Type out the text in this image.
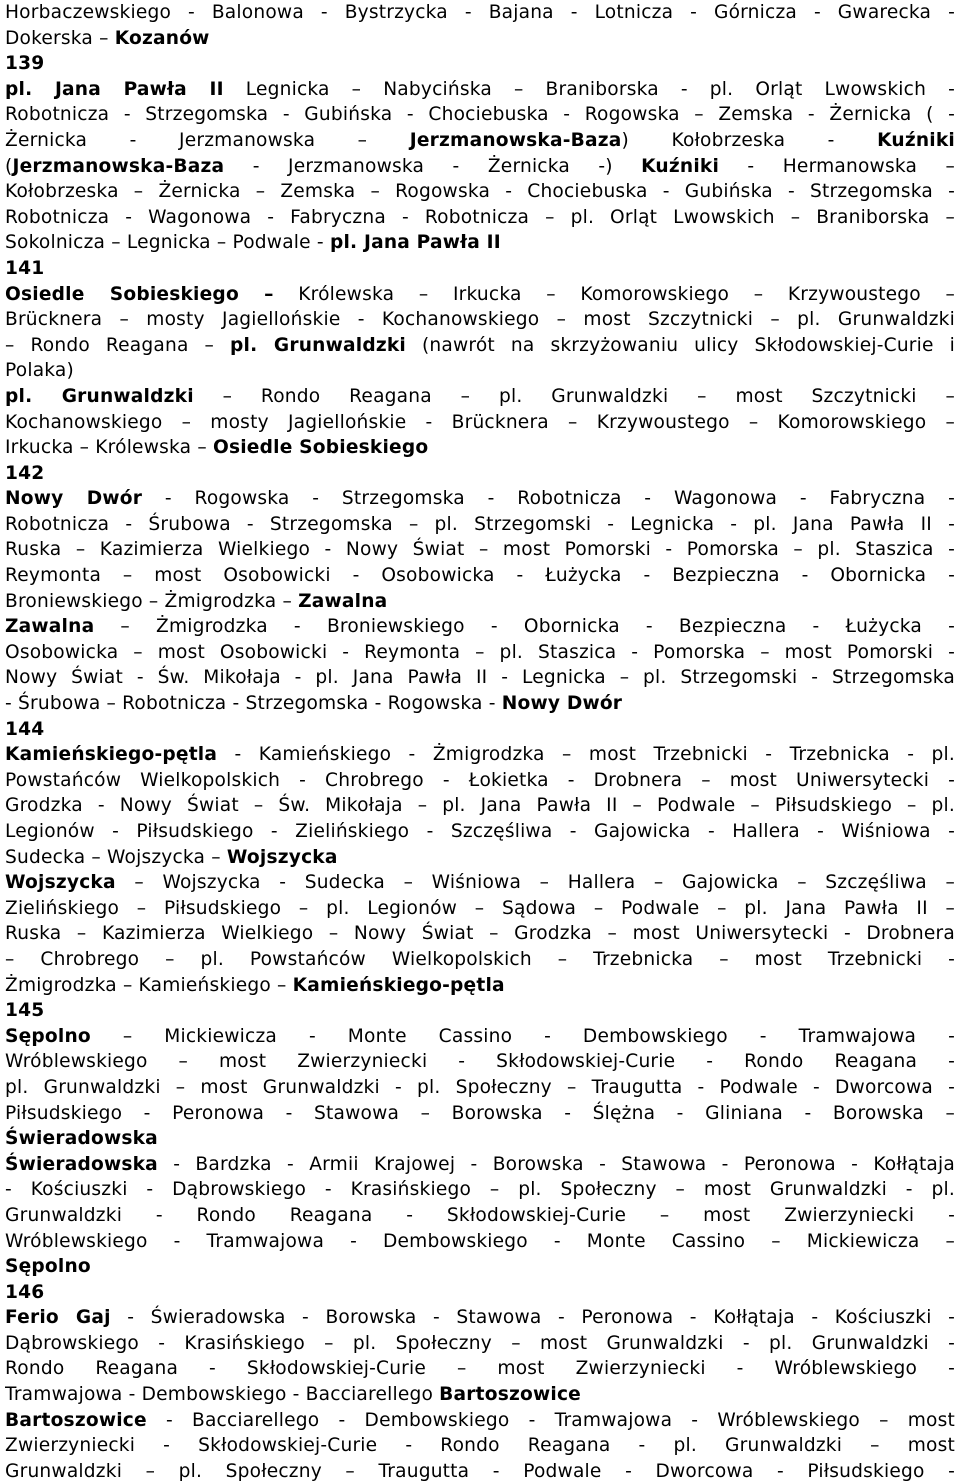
Horbaczewskiego - Balonowa - Bystrzycka - Bajana - Lotnicza - Górnicza - Gwarecka -
Dokerska – Kozanów
139
pl. Jana Pawła II Legnicka – Nabycińska – Braniborska - pl. Orląt Lwowskich -
Robotnicza - Strzegomska - Gubińska - Chociebuska - Rogowska – Zemska - Żernicka ( -
Żernicka - Jerzmanowska – Jerzmanowska-Baza) Kołobrzeska - Kuźniki
(Jerzmanowska-Baza - Jerzmanowska - Żernicka -) Kuźniki - Hermanowska –
Kołobrzeska – Żernicka – Zemska – Rogowska - Chociebuska - Gubińska - Strzegomska -
Robotnicza - Wagonowa - Fabryczna - Robotnicza – pl. Orląt Lwowskich – Braniborska –
Sokolnicza – Legnicka – Podwale - pl. Jana Pawła II
141
Osiedle Sobieskiego – Królewska – Irkucka – Komorowskiego – Krzywoustego –
Brücknera – mosty Jagiellońskie - Kochanowskiego – most Szczytnicki – pl. Grunwaldzki
– Rondo Reagana – pl. Grunwaldzki (nawrót na skrzyżowaniu ulicy Skłodowskiej-Curie i
Polaka)
pl. Grunwaldzki – Rondo Reagana – pl. Grunwaldzki – most Szczytnicki –
Kochanowskiego – mosty Jagiellońskie - Brücknera – Krzywoustego – Komorowskiego –
Irkucka – Królewska – Osiedle Sobieskiego
142
Nowy Dwór - Rogowska - Strzegomska - Robotnicza - Wagonowa - Fabryczna -
Robotnicza - Śrubowa - Strzegomska – pl. Strzegomski - Legnicka - pl. Jana Pawła II -
Ruska – Kazimierza Wielkiego - Nowy Świat – most Pomorski - Pomorska – pl. Staszica -
Reymonta – most Osobowicki - Osobowicka - Łużycka - Bezpieczna - Obornicka -
Broniewskiego – Żmigrodzka – Zawalna
Zawalna – Żmigrodzka - Broniewskiego - Obornicka - Bezpieczna - Łużycka -
Osobowicka – most Osobowicki - Reymonta – pl. Staszica - Pomorska – most Pomorski -
Nowy Świat - Św. Mikołaja - pl. Jana Pawła II - Legnicka – pl. Strzegomski - Strzegomska
- Śrubowa – Robotnicza - Strzegomska - Rogowska - Nowy Dwór
144
Kamieńskiego-pętla - Kamieńskiego - Żmigrodzka – most Trzebnicki - Trzebnicka - pl.
Powstańców Wielkopolskich - Chrobrego - Łokietka - Drobnera – most Uniwersytecki -
Grodzka - Nowy Świat – Św. Mikołaja – pl. Jana Pawła II – Podwale – Piłsudskiego – pl.
Legionów - Piłsudskiego - Zielińskiego - Szczęśliwa - Gajowicka - Hallera - Wiśniowa -
Sudecka – Wojszycka – Wojszycka
Wojszycka – Wojszycka - Sudecka – Wiśniowa – Hallera – Gajowicka – Szczęśliwa –
Zielińskiego – Piłsudskiego – pl. Legionów – Sądowa – Podwale – pl. Jana Pawła II –
Ruska – Kazimierza Wielkiego – Nowy Świat – Grodzka – most Uniwersytecki - Drobnera
– Chrobrego – pl. Powstańców Wielkopolskich – Trzebnicka – most Trzebnicki -
Żmigrodzka – Kamieńskiego – Kamieńskiego-pętla
145
Sępolno – Mickiewicza - Monte Cassino - Dembowskiego - Tramwajowa -
Wróblewskiego – most Zwierzyniecki - Skłodowskiej-Curie - Rondo Reagana -
pl. Grunwaldzki – most Grunwaldzki - pl. Społeczny – Traugutta - Podwale - Dworcowa -
Piłsudskiego - Peronowa - Stawowa – Borowska - Ślężna - Gliniana - Borowska –
Świeradowska
Świeradowska - Bardzka - Armii Krajowej - Borowska - Stawowa - Peronowa - Kołłątaja
- Kościuszki - Dąbrowskiego - Krasińskiego – pl. Społeczny – most Grunwaldzki - pl.
Grunwaldzki - Rondo Reagana - Skłodowskiej-Curie – most Zwierzyniecki -
Wróblewskiego - Tramwajowa - Dembowskiego - Monte Cassino – Mickiewicza –
Sępolno
146
Ferio Gaj - Świeradowska - Borowska - Stawowa - Peronowa - Kołłątaja - Kościuszki -
Dąbrowskiego - Krasińskiego – pl. Społeczny – most Grunwaldzki - pl. Grunwaldzki -
Rondo Reagana - Skłodowskiej-Curie – most Zwierzyniecki - Wróblewskiego -
Tramwajowa - Dembowskiego - Bacciarellego Bartoszowice
Bartoszowice - Bacciarellego - Dembowskiego - Tramwajowa - Wróblewskiego – most
Zwierzyniecki - Skłodowskiej-Curie - Rondo Reagana - pl. Grunwaldzki – most
Grunwaldzki – pl. Społeczny – Traugutta - Podwale - Dworcowa - Piłsudskiego -
